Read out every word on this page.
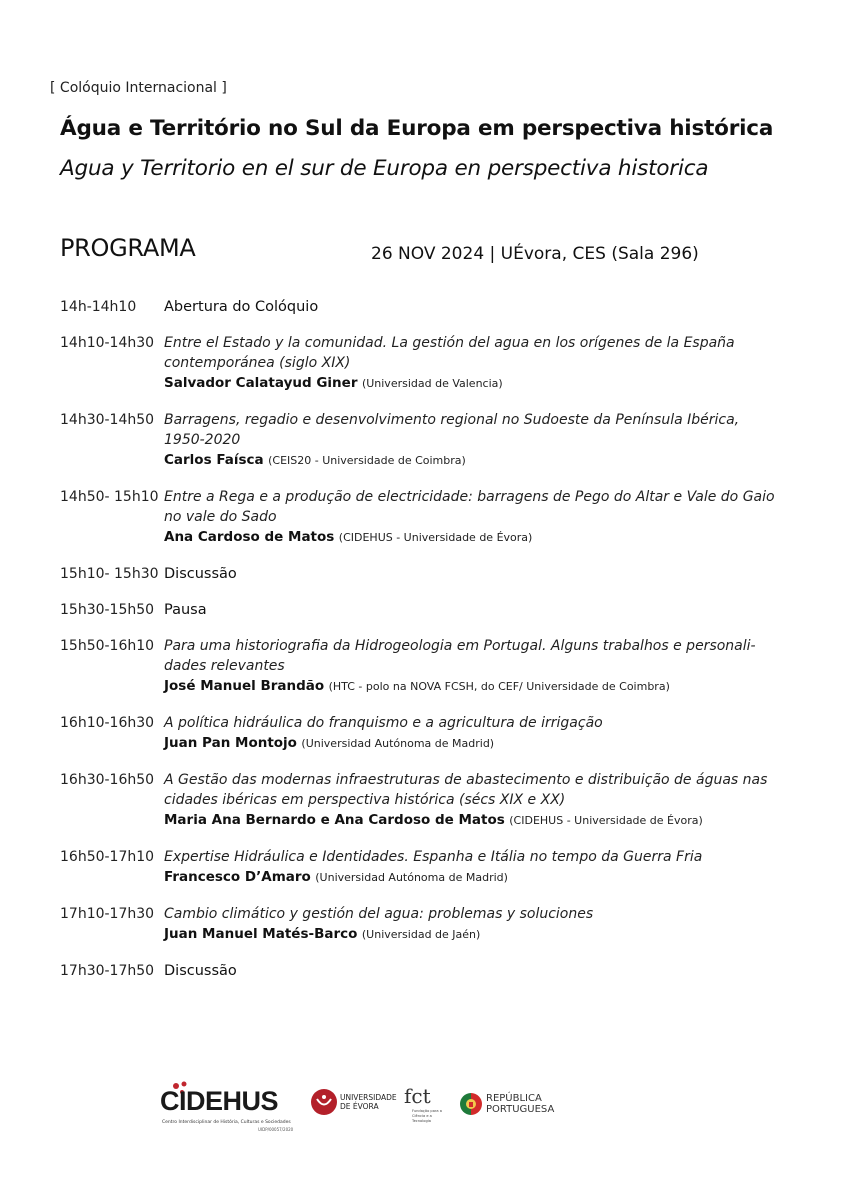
[ Colóquio Internacional ]
Água e Território no Sul da Europa em perspectiva histórica
Agua y Territorio en el sur de Europa en perspectiva historica
PROGRAMA	26 NOV 2024 | UÉvora, CES (Sala 296)
14h-14h10	Abertura do Colóquio
14h10-14h30 Entre el Estado y la comunidad. La gestión del agua en los orígenes de la España contemporánea (siglo XIX)
Salvador Calatayud Giner (Universidad de Valencia)
14h30-14h50 Barragens, regadio e desenvolvimento regional no Sudoeste da Península Ibérica, 1950-2020
Carlos Faísca (CEIS20 - Universidade de Coimbra)
14h50- 15h10 Entre a Rega e a produção de electricidade: barragens de Pego do Altar e Vale do Gaio no vale do Sado
Ana Cardoso de Matos (CIDEHUS - Universidade de Évora)
15h10- 15h30 Discussão
15h30-15h50 Pausa
15h50-16h10 Para uma historiografia da Hidrogeologia em Portugal. Alguns trabalhos e personali-dades relevantes
José Manuel Brandão (HTC - polo na NOVA FCSH, do CEF/ Universidade de Coimbra)
16h10-16h30 A política hidráulica do franquismo e a agricultura de irrigação
Juan Pan Montojo (Universidad Autónoma de Madrid)
16h30-16h50 A Gestão das modernas infraestruturas de abastecimento e distribuição de águas nas cidades ibéricas em perspectiva histórica (sécs XIX e XX)
Maria Ana Bernardo e Ana Cardoso de Matos (CIDEHUS - Universidade de Évora)
16h50-17h10 Expertise Hidráulica e Identidades. Espanha e Itália no tempo da Guerra Fria
Francesco D’Amaro (Universidad Autónoma de Madrid)
17h10-17h30 Cambio climático y gestión del agua: problemas y soluciones
Juan Manuel Matés-Barco (Universidad de Jaén)
17h30-17h50 Discussão
CIDEHUS
Centro Interdisciplinar de História, Culturas e Sociedades
UIDP/00057/2020
UNIVERSIDADE DE ÉVORA	fct
Fundação para a Ciência e a Tecnologia
REPÚBLICA PORTUGUESA
